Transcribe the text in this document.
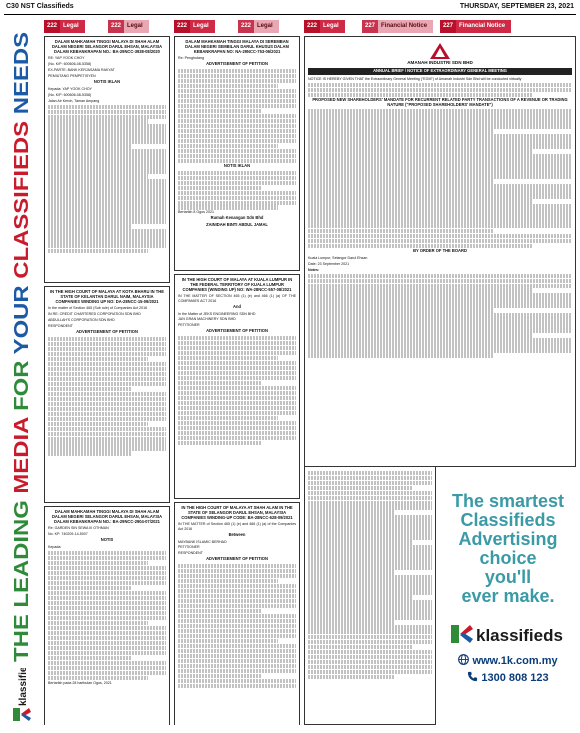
C30 NST Classifieds	THURSDAY, SEPTEMBER 23, 2021
THE LEADING MEDIA FOR YOUR CLASSIFIEDS NEEDS
klassifieds
222 Legal	222 Legal
DALAM MAHKAMAH TINGGI MALAYA DI SHAH ALAM DALAM NEGERI SELANGOR DARUL EHSAN, MALAYSIA DALAM KEBANKRAPAN NO.: BA-29NCC-3938-08/2020
RE: YAP YOOK CHOY
(No. K/P: 600606-08-5358)
EX-PARTE: BANK KERJASAMA RAKYAT
PEMIUTANG PEMPETISYEN
NOTIS IKLAN
Kepada: YAP YOOK CHOY
(No. K/P: 600606-08-5358)
Jalan Air Keroh, Taman Ampang
IN THE HIGH COURT OF MALAYA AT KOTA BHARU IN THE STATE OF KELANTAN DARUL NAIM, MALAYSIA COMPANIES WINDING UP NO: DA-28NCC-15-09/2021
In the matter of Section 465 (Sub rule) of Companies Act 2016
IN RE: CREDIT CHARTERED CORPORATION SDN BHD
ABDULLAH'S CORPORATION SDN BHD
RESPONDENT
ADVERTISEMENT OF PETITION
DALAM MAHKAMAH TINGGI MALAYA DI SHAH ALAM DALAM NEGERI SELANGOR DARUL EHSAN, MALAYSIA DALAM KEBANKRAPAN NO.: BA-29NCC-2904-07/2021
Re: GARDEN SIN SEWA III OTHMAN
No. KP: 740209-14-5007
NOTIS
Kepada:
Bertarikh pada 28 haribulan Ogos, 2021
222 Legal	222 Legal
DALAM MAHKAMAH TINGGI MALAYA DI SEREMBAN DALAM NEGERI SEMBILAN DARUL KHUSUS DALAM KEBANKRAPAN NO: NA-29NCC-753-06/2021
Re: Penghutang
ADVERTISEMENT OF PETITION
NOTIS IKLAN
Bertarikh 8 Ogos 2021
Rumah Kenangan Sdn Bhd
ZAINIDAH BINTI ABDUL JAMAL
IN THE HIGH COURT OF MALAYA AT KUALA LUMPUR IN THE FEDERAL TERRITORY OF KUALA LUMPUR COMPANIES (WINDING UP) NO: WA-28NCC-557-08/2021
IN THE MATTER OF SECTION 465 (1) (e) and 466 (1) (a) OF THE COMPANIES ACT 2016
And
In the Matter of JEKS ENGINEERING SDN BHD
JAN GRAN MACHINERY SDN BHD
PETITIONER
ADVERTISEMENT OF PETITION
IN THE HIGH COURT OF MALAYA AT SHAH ALAM IN THE STATE OF SELANGOR DARUL EHSAN, MALAYSIA COMPANIES WINDING-UP CODE: BA-28NCC-628-09/2021
IN THE MATTER of Section 465 (1) (e) and 466 (1) (a) of the Companies Act 2016
Between
MAYBANK ISLAMIC BERHAD
PETITIONER
RESPONDENT
ADVERTISEMENT OF PETITION
222 Legal	227 Financial Notice
	227 Financial Notice
AMANAH INDUSTRI SDN BHD
ANNUAL BRIEF / NOTICE OF EXTRAORDINARY GENERAL MEETING
NOTICE IS HEREBY GIVEN THAT the Extraordinary General Meeting ("EGM") of Amanah Industri Sdn Bhd will be conducted virtually
PROPOSED NEW SHAREHOLDERS' MANDATE FOR RECURRENT RELATED PARTY TRANSACTIONS OF A REVENUE OR TRADING NATURE ("PROPOSED SHAREHOLDERS' MANDATE")
BY ORDER OF THE BOARD
Kuala Lumpur, Selangor Darul Ehsan
Date: 23 September 2021
Notes:
The smartest
Classifieds
Advertising
choice
you'll
ever make.
klassifieds
www.1k.com.my
1300 808 123
